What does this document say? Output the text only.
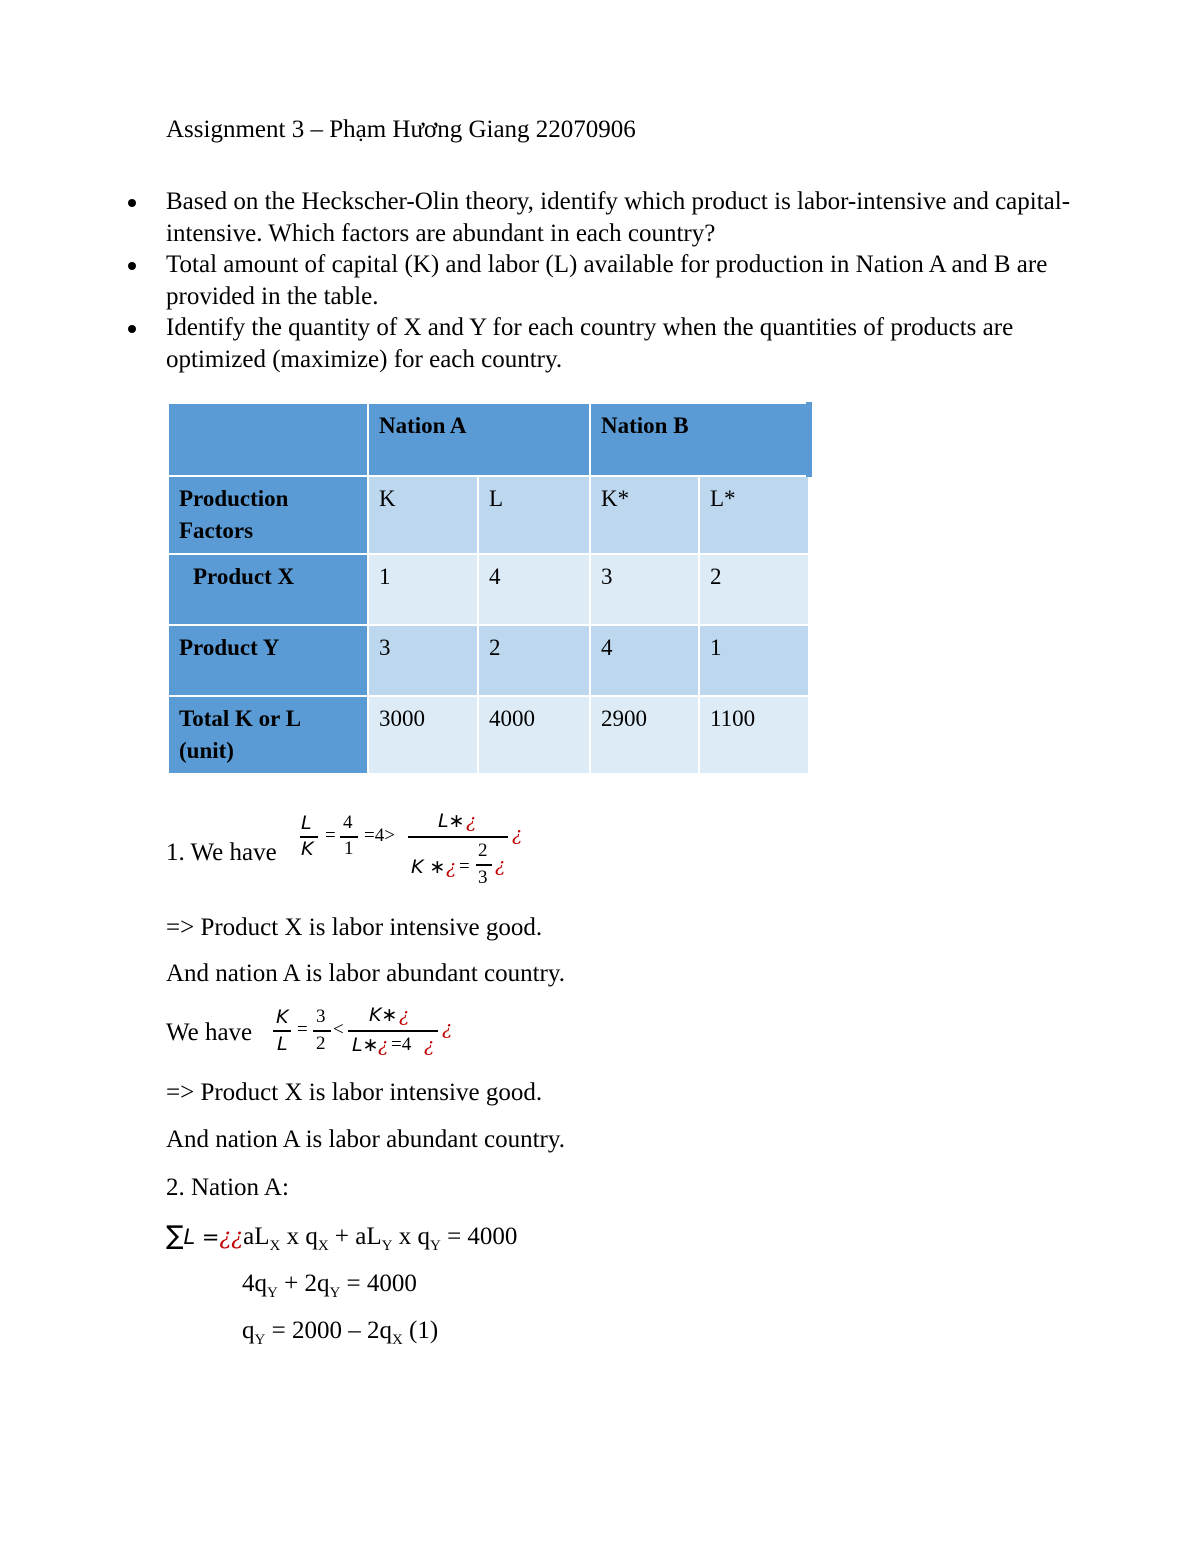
Assignment 3 – Phạm Hương Giang 22070906
Based on the Heckscher-Olin theory, identify which product is labor-intensive and capital-intensive. Which factors are abundant in each country?
Total amount of capital (K) and labor (L) available for production in Nation A and B are provided in the table.
Identify the quantity of X and Y for each country when the quantities of products are optimized (maximize) for each country.
	Nation A		Nation B	
Production Factors	K	L	K*	L*
Product X	1	4	3	2
Product Y	3	2	4	1
Total K or L (unit)	3000	4000	2900	1100
1. We have
L
K
=
4
1
=4>
L∗ ¿
¿
K ∗ ¿ =
2
3
¿
=> Product X is labor intensive good.
And nation A is labor abundant country.
We have
K
L
=
3
2
<
K∗ ¿
¿
L∗ ¿ =4 ¿
=> Product X is labor intensive good.
And nation A is labor abundant country.
2. Nation A:
$\sum L =¿¿aL_X$ x $q_X + aL_Y$ x $q_Y = 4000$
$4q_Y + 2q_Y = 4000$
$q_Y = 2000 - 2q_X$ (1)
